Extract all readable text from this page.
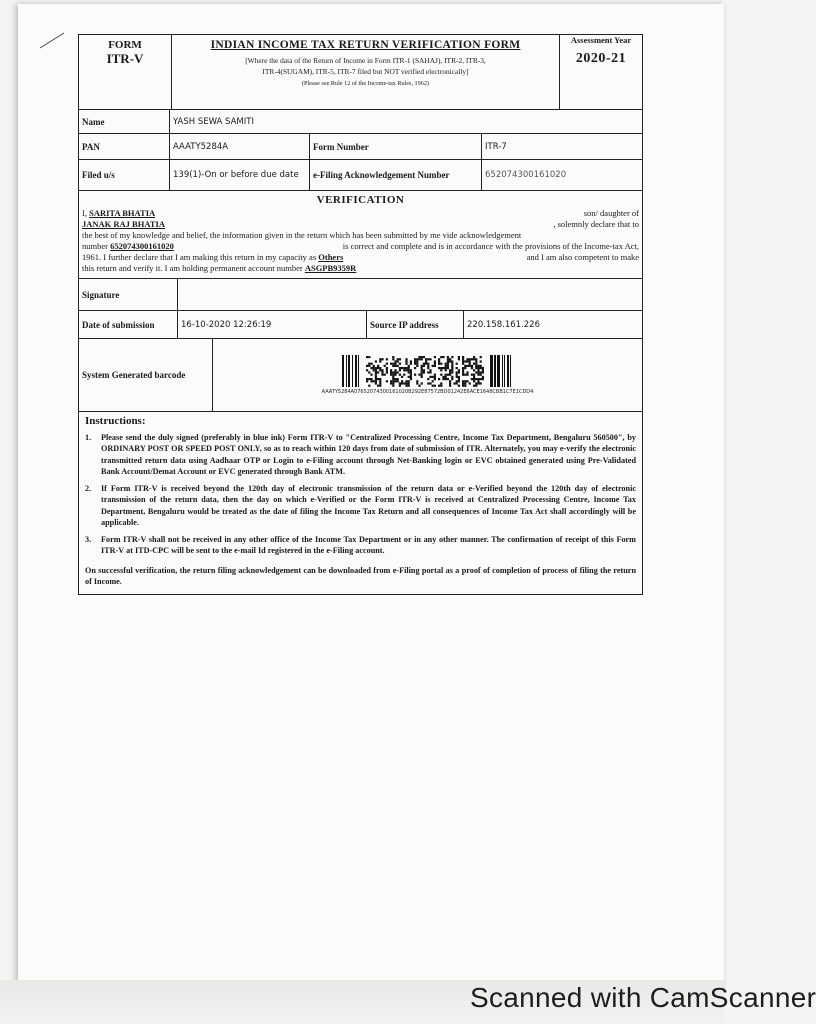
FORM
ITR-V
INDIAN INCOME TAX RETURN VERIFICATION FORM
[Where the data of the Return of Income in Form ITR-1 (SAHAJ), ITR-2, ITR-3,
ITR-4(SUGAM), ITR-5, ITR-7 filed but NOT verified electronically]
(Please see Rule 12 of the Income-tax Rules, 1962)
Assessment Year
2020-21
Name	YASH SEWA SAMITI
PAN	AAATY5284A	Form Number	ITR-7
Filed u/s	139(1)-On or before due date	e-Filing Acknowledgement Number	652074300161020
VERIFICATION
I, SARITA BHATIA	son/ daughter of
JANAK RAJ BHATIA	, solemnly declare that to
the best of my knowledge and belief, the information given in the return which has been submitted by me vide acknowledgement
number 652074300161020	is correct and complete and is in accordance with the provisions of the Income-tax Act,
1961. I further declare that I am making this return in my capacity as Others	and I am also competent to make
this return and verify it. I am holding permanent account number ASGPB9359R
Signature
Date of submission	16-10-2020 12:26:19	Source IP address	220.158.161.226
System Generated barcode
AAATY5284A07652074300161020B292E87572BD01242E6ACE1648CBB1C7E1CDD4
Instructions:
1.	Please send the duly signed (preferably in blue ink) Form ITR-V to "Centralized Processing Centre, Income Tax Department, Bengaluru 560500", by ORDINARY POST OR SPEED POST ONLY, so as to reach within 120 days from date of submission of ITR. Alternately, you may e-verify the electronic transmitted return data using Aadhaar OTP or Login to e-Filing account through Net-Banking login or EVC obtained generated using Pre-Validated Bank Account/Demat Account or EVC generated through Bank ATM.
2.	If Form ITR-V is received beyond the 120th day of electronic transmission of the return data or e-Verified beyond the 120th day of electronic transmission of the return data, then the day on which e-Verified or the Form ITR-V is received at Centralized Processing Centre, Income Tax Department, Bengaluru would be treated as the date of filing the Income Tax Return and all consequences of Income Tax Act shall accordingly will be applicable.
3.	Form ITR-V shall not be received in any other office of the Income Tax Department or in any other manner. The confirmation of receipt of this Form ITR-V at ITD-CPC will be sent to the e-mail Id registered in the e-Filing account.
On successful verification, the return filing acknowledgement can be downloaded from e-Filing portal as a proof of completion of process of filing the return of Income.
Scanned with CamScanner
